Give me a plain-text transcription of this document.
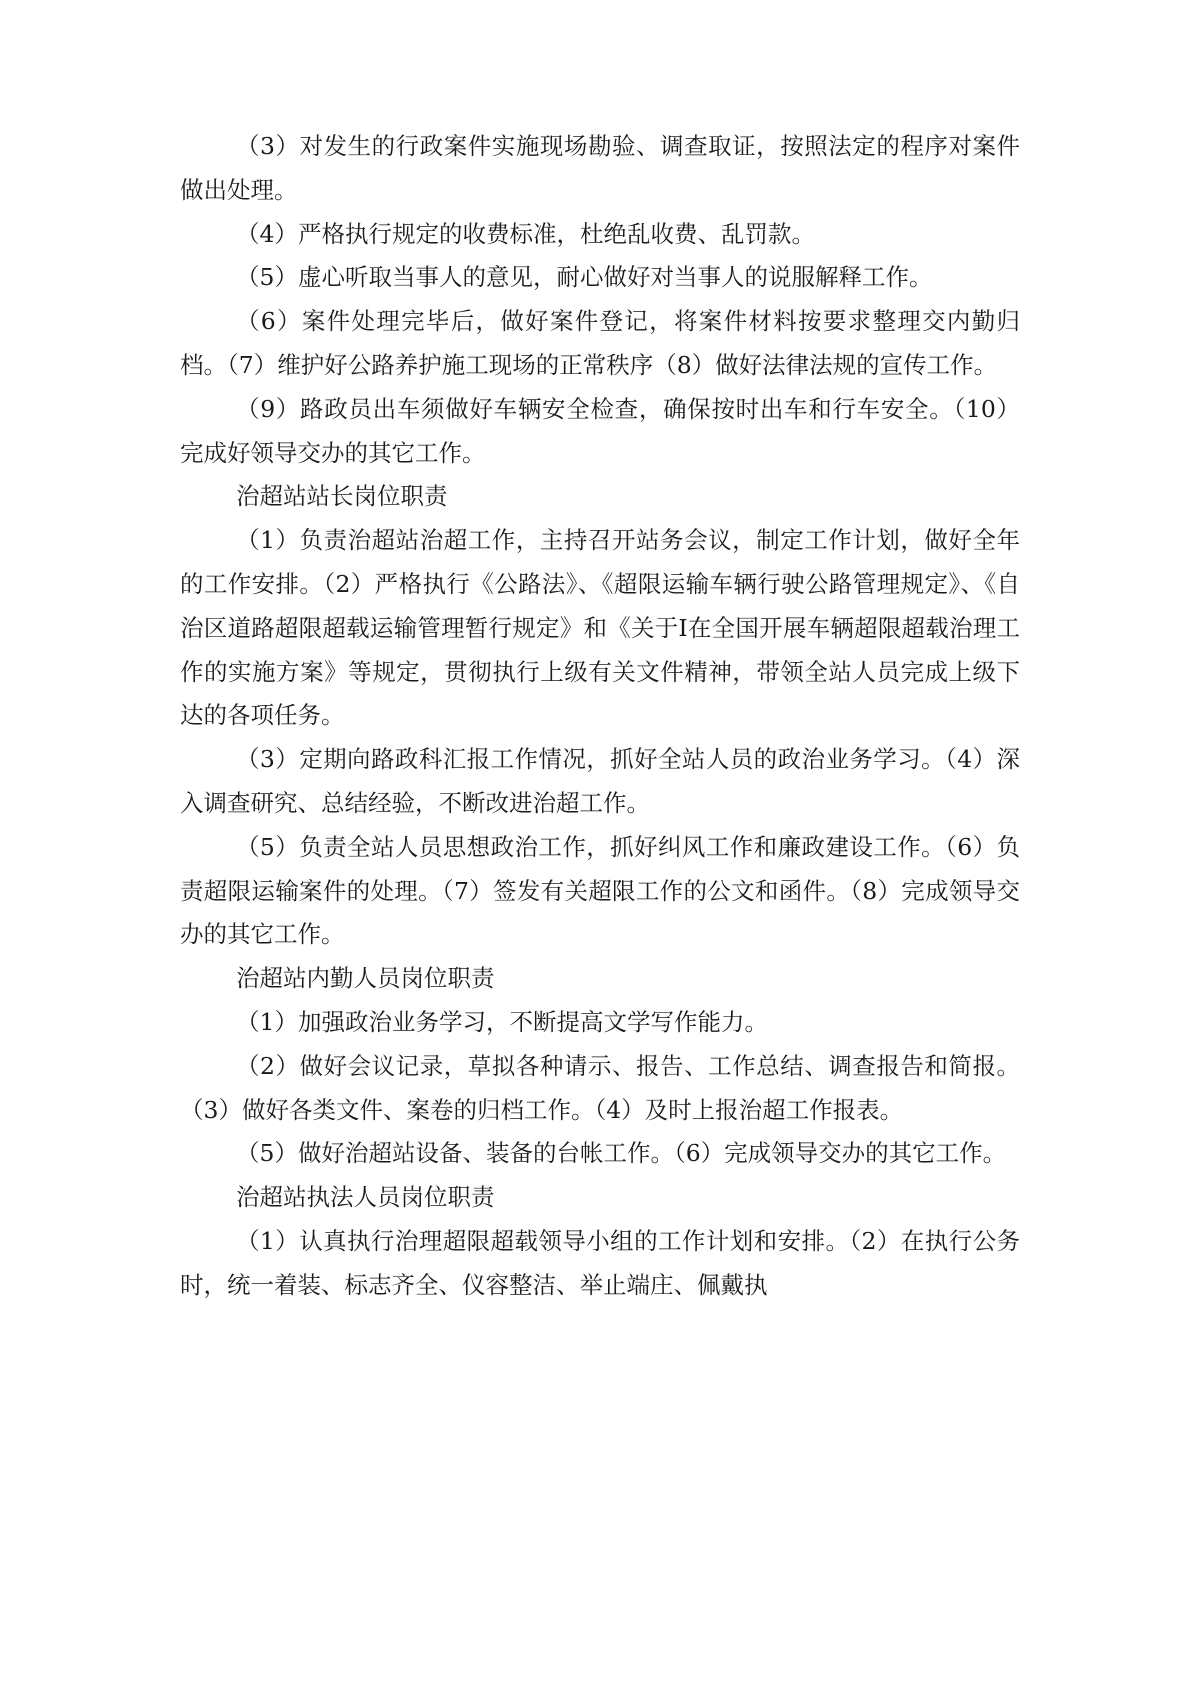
（3）对发生的行政案件实施现场勘验、调查取证，按照法定的程序对案件做出处理。

（4）严格执行规定的收费标准，杜绝乱收费、乱罚款。

（5）虚心听取当事人的意见，耐心做好对当事人的说服解释工作。

（6）案件处理完毕后，做好案件登记，将案件材料按要求整理交内勤归档。（7）维护好公路养护施工现场的正常秩序（8）做好法律法规的宣传工作。

（9）路政员出车须做好车辆安全检查，确保按时出车和行车安全。（10）完成好领导交办的其它工作。

治超站站长岗位职责

（1）负责治超站治超工作，主持召开站务会议，制定工作计划，做好全年的工作安排。（2）严格执行《公路法》、《超限运输车辆行驶公路管理规定》、《自治区道路超限超载运输管理暂行规定》和《关于I在全国开展车辆超限超载治理工作的实施方案》等规定，贯彻执行上级有关文件精神，带领全站人员完成上级下达的各项任务。

（3）定期向路政科汇报工作情况，抓好全站人员的政治业务学习。（4）深入调查研究、总结经验，不断改进治超工作。

（5）负责全站人员思想政治工作，抓好纠风工作和廉政建设工作。（6）负责超限运输案件的处理。（7）签发有关超限工作的公文和函件。（8）完成领导交办的其它工作。

治超站内勤人员岗位职责

（1）加强政治业务学习，不断提高文学写作能力。

（2）做好会议记录，草拟各种请示、报告、工作总结、调查报告和简报。（3）做好各类文件、案卷的归档工作。（4）及时上报治超工作报表。

（5）做好治超站设备、装备的台帐工作。（6）完成领导交办的其它工作。

治超站执法人员岗位职责

（1）认真执行治理超限超载领导小组的工作计划和安排。（2）在执行公务时，统一着装、标志齐全、仪容整洁、举止端庄、佩戴执
